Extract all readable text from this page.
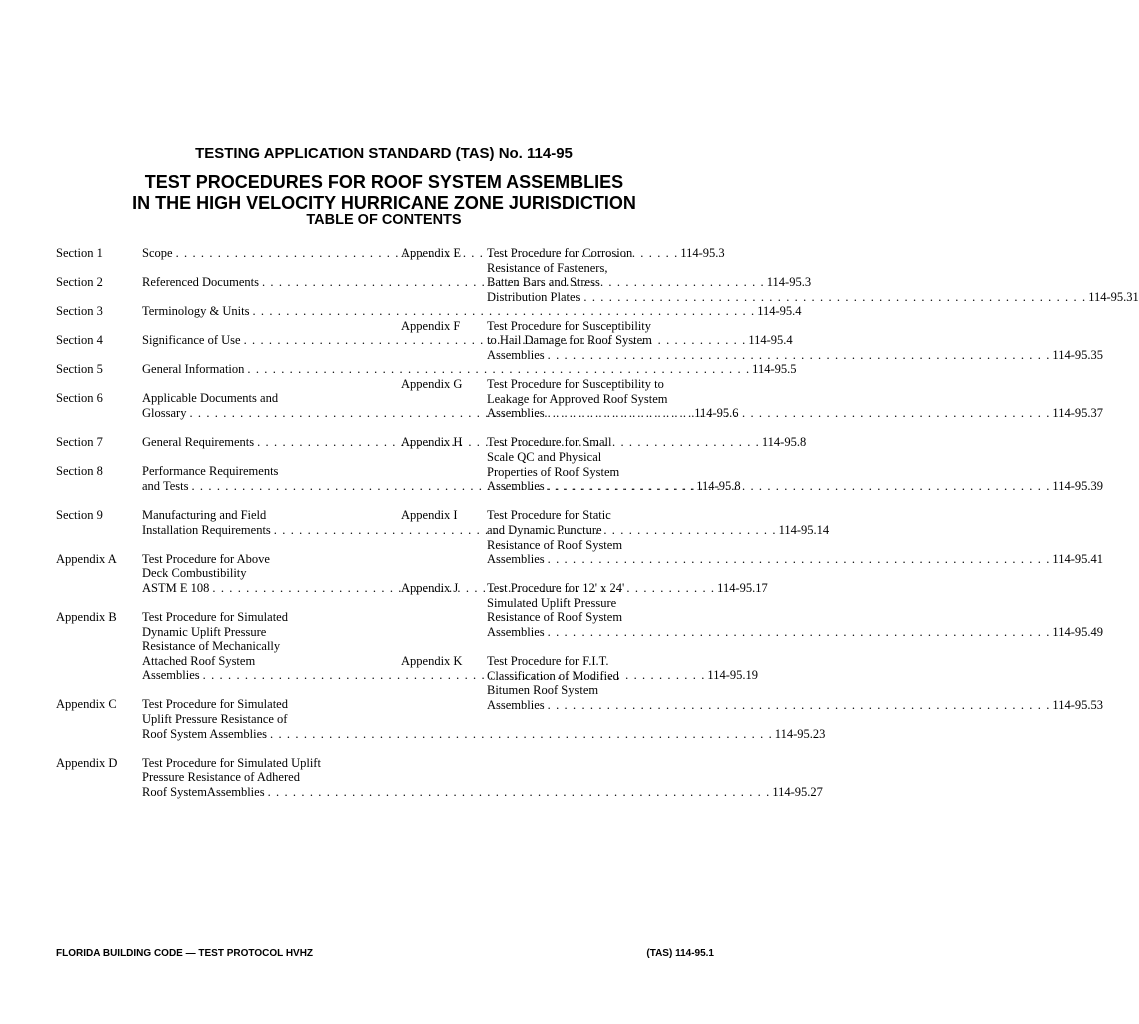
TESTING APPLICATION STANDARD (TAS) No. 114-95
TEST PROCEDURES FOR ROOF SYSTEM ASSEMBLIES
IN THE HIGH VELOCITY HURRICANE ZONE JURISDICTION
TABLE OF CONTENTS
Section 1	Scope . . .	114-95.3
Section 2	Referenced Documents . . .	114-95.3
Section 3	Terminology & Units . . .	114-95.4
Section 4	Significance of Use . . .	114-95.4
Section 5	General Information . . .	114-95.5
Section 6	Applicable Documents and
Glossary . . .	114-95.6
Section 7	General Requirements . . .	114-95.8
Section 8	Performance Requirements
and Tests . . .	114-95.8
Section 9	Manufacturing and Field
Installation Requirements . . .	114-95.14
Appendix A	Test Procedure for Above
Deck Combustibility
ASTM E 108 . . .	114-95.17
Appendix B	Test Procedure for Simulated
Dynamic Uplift Pressure
Resistance of Mechanically
Attached Roof System
Assemblies . . .	114-95.19
Appendix C	Test Procedure for Simulated
Uplift Pressure Resistance of
Roof System Assemblies . . .	114-95.23
Appendix D	Test Procedure for Simulated Uplift
Pressure Resistance of Adhered
Roof SystemAssemblies . . .	114-95.27
Appendix E	Test Procedure for Corrosion
Resistance of Fasteners,
Batten Bars and Stress
Distribution Plates . . .	114-95.31
Appendix F	Test Procedure for Susceptibility
to Hail Damage for Roof System
Assemblies . . .	114-95.35
Appendix G	Test Procedure for Susceptibility to
Leakage for Approved Roof System
Assemblies . . .	114-95.37
Appendix H	Test Procedure for Small
Scale QC and Physical
Properties of Roof System
Assemblies . . .	114-95.39
Appendix I	Test Procedure for Static
and Dynamic Puncture
Resistance of Roof System
Assemblies . . .	114-95.41
Appendix J	Test Procedure for 12' x 24'
Simulated Uplift Pressure
Resistance of Roof System
Assemblies . . .	114-95.49
Appendix K	Test Procedure for F.I.T.
Classification of Modified
Bitumen Roof System
Assemblies . . .	114-95.53
FLORIDA BUILDING CODE — TEST PROTOCOL HVHZ	(TAS) 114-95.1
